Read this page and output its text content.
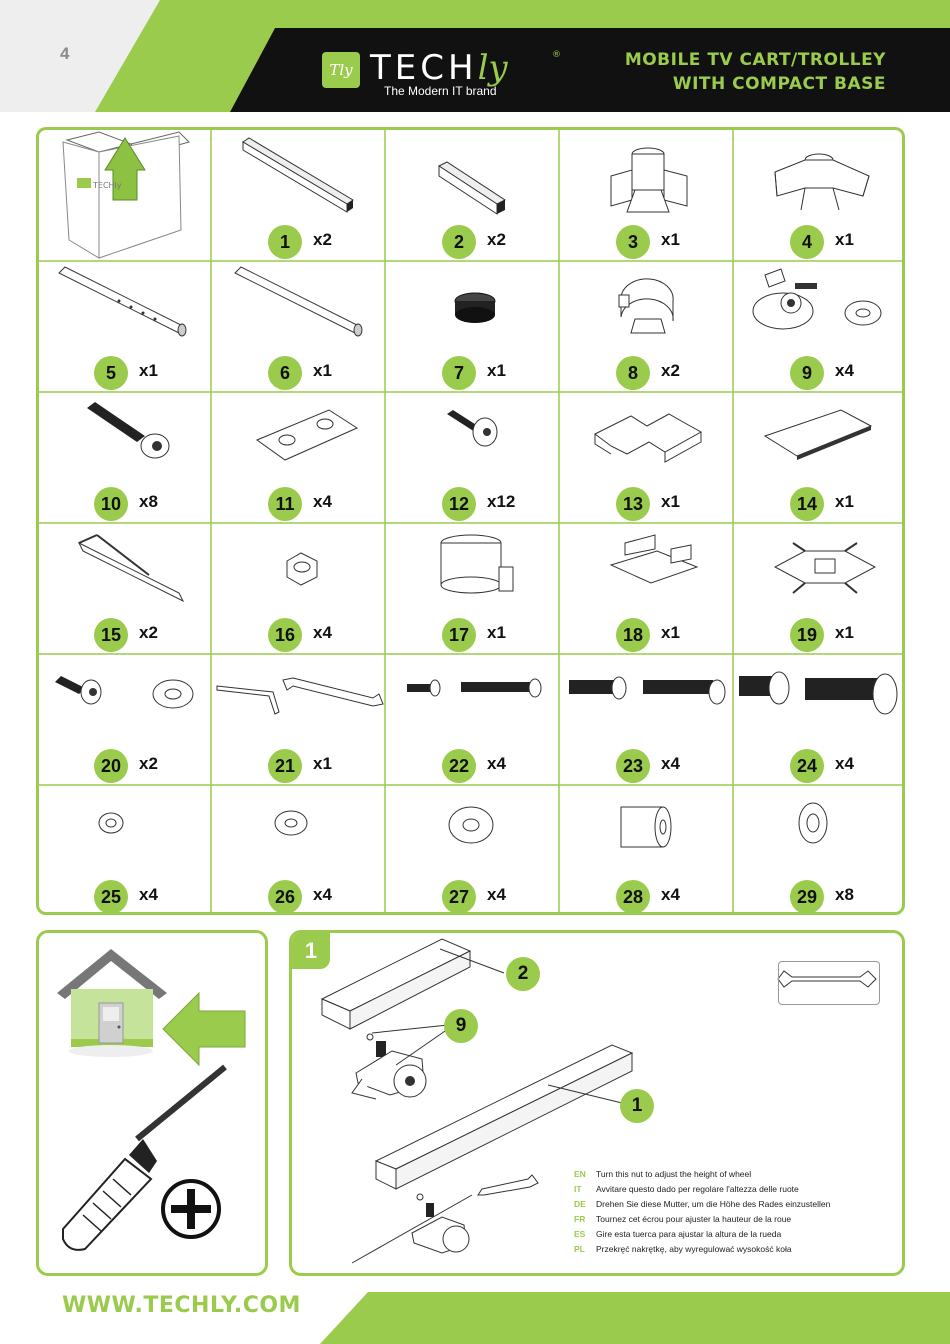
4
Tly TECHly	®
The Modern IT brand
MOBILE TV CART/TROLLEY
WITH COMPACT BASE
TECHly
1	x2	2	x2	3	x1	4	x1
5	x1	6	x1	7	x1	8	x2	9	x4
10	x8	11	x4	12	x12	13	x1	14	x1
15	x2	16	x4	17	x1	18	x1	19	x1
20	x2	21	x1	22	x4	23	x4	24	x4
25	x4	26	x4	27	x4	28	x4	29	x8
1
2
9
1
EN Turn this nut to adjust the height of wheel
IT Avvitare questo dado per regolare l'altezza delle ruote
DE Drehen Sie diese Mutter, um die Höhe des Rades einzustellen
FR Tournez cet écrou pour ajuster la hauteur de la roue
ES Gire esta tuerca para ajustar la altura de la rueda
PL Przekręć nakrętkę, aby wyregulować wysokość koła
WWW.TECHLY.COM
